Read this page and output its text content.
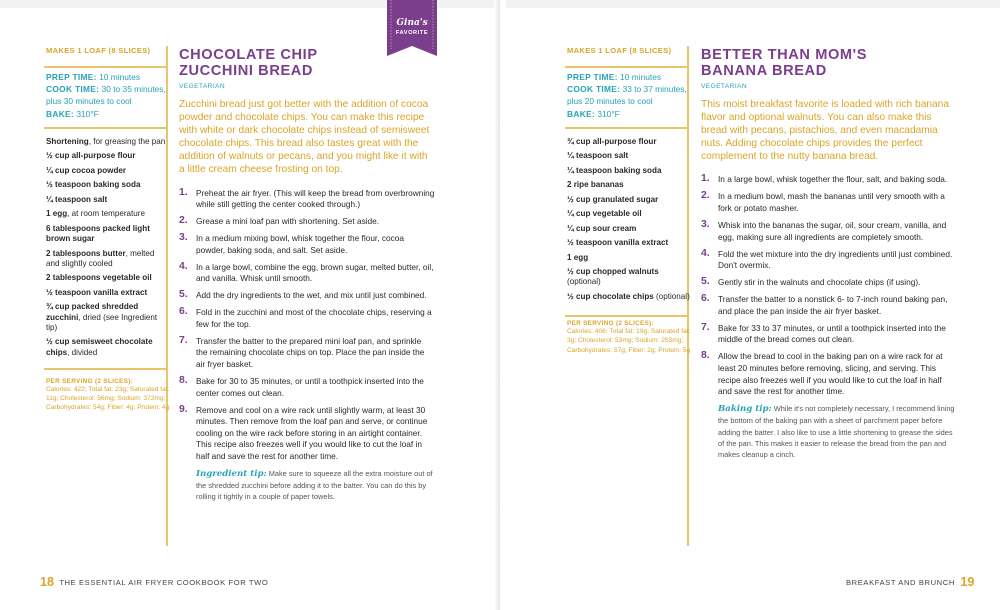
MAKES 1 LOAF (8 SLICES)
PREP TIME: 10 minutes
COOK TIME: 30 to 35 minutes, plus 30 minutes to cool
BAKE: 310°F
Shortening, for greasing the pan
½ cup all-purpose flour
¼ cup cocoa powder
½ teaspoon baking soda
¼ teaspoon salt
1 egg, at room temperature
6 tablespoons packed light brown sugar
2 tablespoons butter, melted and slightly cooled
2 tablespoons vegetable oil
½ teaspoon vanilla extract
¾ cup packed shredded zucchini, dried (see Ingredient tip)
½ cup semisweet chocolate chips, divided
PER SERVING (2 SLICES):
Calories: 422; Total fat: 23g; Saturated fat: 11g; Cholesterol: 56mg; Sodium: 372mg; Carbohydrates: 54g; Fiber: 4g; Protein: 4g
CHOCOLATE CHIP
ZUCCHINI BREAD
VEGETARIAN
Zucchini bread just got better with the addition of cocoa powder and chocolate chips. You can make this recipe with white or dark chocolate chips instead of semisweet chocolate chips. This bread also tastes great with the addition of walnuts or pecans, and you might like it with a little cream cheese frosting on top.
1. Preheat the air fryer. (This will keep the bread from overbrowning while still getting the center cooked through.)
2. Grease a mini loaf pan with shortening. Set aside.
3. In a medium mixing bowl, whisk together the flour, cocoa powder, baking soda, and salt. Set aside.
4. In a large bowl, combine the egg, brown sugar, melted butter, oil, and vanilla. Whisk until smooth.
5. Add the dry ingredients to the wet, and mix until just combined.
6. Fold in the zucchini and most of the chocolate chips, reserving a few for the top.
7. Transfer the batter to the prepared mini loaf pan, and sprinkle the remaining chocolate chips on top. Place the pan inside the air fryer basket.
8. Bake for 30 to 35 minutes, or until a toothpick inserted into the center comes out clean.
9. Remove and cool on a wire rack until slightly warm, at least 30 minutes. Then remove from the loaf pan and serve, or continue cooling on the wire rack before storing in an airtight container. This recipe also freezes well if you would like to cut the loaf in half and save the rest for another time.
Ingredient tip: Make sure to squeeze all the extra moisture out of the shredded zucchini before adding it to the batter. You can do this by rolling it tightly in a couple of paper towels.
18 THE ESSENTIAL AIR FRYER COOKBOOK FOR TWO
Gina's
FAVORITE
MAKES 1 LOAF (8 SLICES)
PREP TIME: 10 minutes
COOK TIME: 33 to 37 minutes, plus 20 minutes to cool
BAKE: 310°F
¾ cup all-purpose flour
¼ teaspoon salt
¼ teaspoon baking soda
2 ripe bananas
½ cup granulated sugar
¼ cup vegetable oil
¼ cup sour cream
½ teaspoon vanilla extract
1 egg
½ cup chopped walnuts (optional)
½ cup chocolate chips (optional)
PER SERVING (2 SLICES):
Calories: 406; Total fat: 19g; Saturated fat: 3g; Cholesterol: 53mg; Sodium: 253mg; Carbohydrates: 57g; Fiber: 2g; Protein: 5g
BETTER THAN MOM'S
BANANA BREAD
VEGETARIAN
This moist breakfast favorite is loaded with rich banana flavor and optional walnuts. You can also make this bread with pecans, pistachios, and even macadamia nuts. Adding chocolate chips provides the perfect complement to the nutty banana bread.
1. In a large bowl, whisk together the flour, salt, and baking soda.
2. In a medium bowl, mash the bananas until very smooth with a fork or potato masher.
3. Whisk into the bananas the sugar, oil, sour cream, vanilla, and egg, making sure all ingredients are completely smooth.
4. Fold the wet mixture into the dry ingredients until just combined. Don't overmix.
5. Gently stir in the walnuts and chocolate chips (if using).
6. Transfer the batter to a nonstick 6- to 7-inch round baking pan, and place the pan inside the air fryer basket.
7. Bake for 33 to 37 minutes, or until a toothpick inserted into the middle of the bread comes out clean.
8. Allow the bread to cool in the baking pan on a wire rack for at least 20 minutes before removing, slicing, and serving. This recipe also freezes well if you would like to cut the loaf in half and save the rest for another time.
Baking tip: While it's not completely necessary, I recommend lining the bottom of the baking pan with a sheet of parchment paper before adding the batter. I also like to use a little shortening to grease the sides of the pan. This makes it easier to release the bread from the pan and makes cleanup a cinch.
BREAKFAST AND BRUNCH 19
